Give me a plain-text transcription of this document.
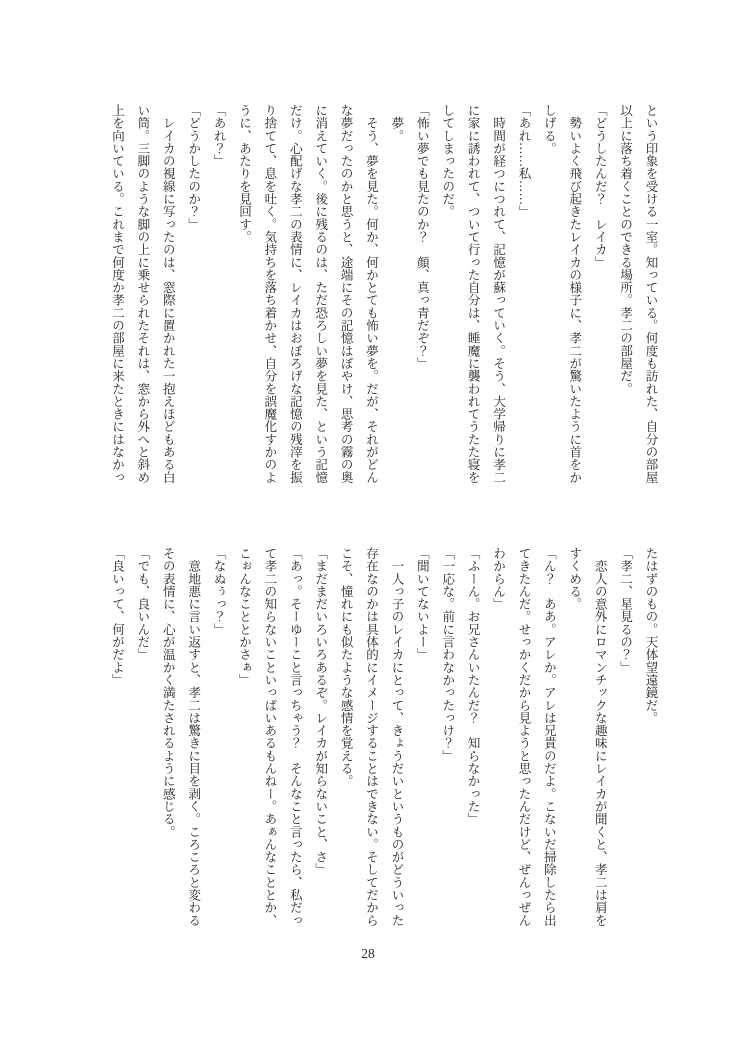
という印象を受ける一室。知っている。何度も訪れた、自分の部屋

以上に落ち着くことのできる場所。孝二の部屋だ。

「どうしたんだ？　レイカ」

　勢いよく飛び起きたレイカの様子に、孝二が驚いたように首をか

しげる。

「あれ……私……」

　時間が経つにつれて、記憶が蘇っていく。そう、大学帰りに孝二

に家に誘われて、ついて行った自分は、睡魔に襲われてうたた寝を

してしまったのだ。

「怖い夢でも見たのか？　顔、真っ青だぞ？」

　夢。

　そう、夢を見た。何か、何かとても怖い夢を。だが、それがどん

な夢だったのかと思うと、途端にその記憶はぼやけ、思考の霧の奥

に消えていく。後に残るのは、ただ恐ろしい夢を見た、という記憶

だけ。心配げな孝二の表情に、レイカはおぼろげな記憶の残滓を振

り捨てて、息を吐く。気持ちを落ち着かせ、自分を誤魔化すかのよ

うに、あたりを見回す。

「あれ？」

「どうかしたのか？」

　レイカの視線に写ったのは、窓際に置かれた一抱えほどもある白

い筒。三脚のような脚の上に乗せられたそれは、窓から外へと斜め

上を向いている。これまで何度か孝二の部屋に来たときにはなかっ

たはずのもの。天体望遠鏡だ。

「孝二、星見るの？」

　恋人の意外にロマンチックな趣味にレイカが聞くと、孝二は肩を

すくめる。

「ん？　ああ。アレか。アレは兄貴のだよ。こないだ掃除したら出

てきたんだ。せっかくだから見ようと思ったんだけど、ぜんっぜん

わからん」

「ふーん。お兄さんいたんだ？　知らなかった」

「一応な。前に言わなかったっけ？」

「聞いてないよー」

　一人っ子のレイカにとって、きょうだいというものがどういった

存在なのかは具体的にイメージすることはできない。そしてだから

こそ、憧れにも似たような感情を覚える。

「まだまだいろいろあるぞ。レイカが知らないこと、さ」

「あっ。そーゆーこと言っちゃう？　そんなこと言ったら、私だっ

て孝二の知らないこといっぱいあるもんねー。あぁんなこととか、

こぉんなこととかさぁ」

「なぬぅっ？」

　意地悪に言い返すと、孝二は驚きに目を剥く。ころころと変わる

その表情に、心が温かく満たされるように感じる。

「でも、良いんだ」

「良いって、何がだよ」

28
